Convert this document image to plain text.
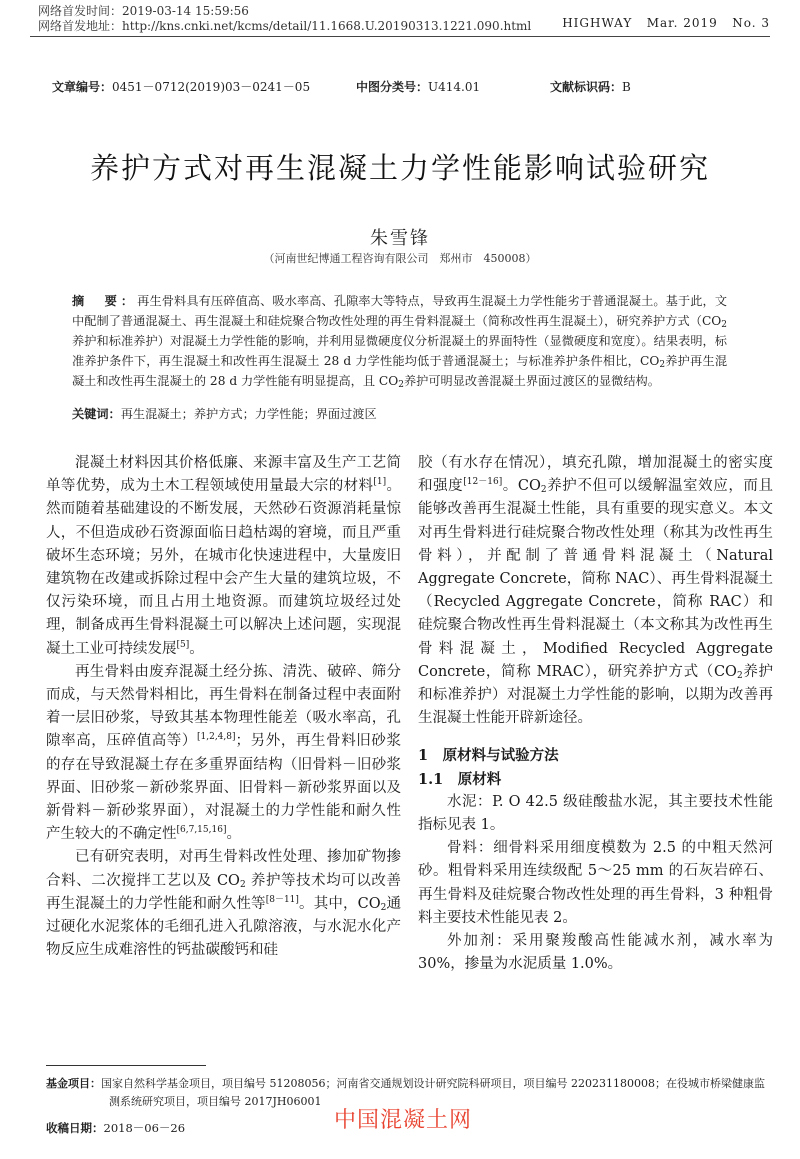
网络首发时间：2019-03-14 15:59:56
网络首发地址：http://kns.cnki.net/kcms/detail/11.1668.U.20190313.1221.090.html	HIGHWAY Mar. 2019 No. 3
文章编号：0451－0712(2019)03－0241－05	中图分类号：U414.01	文献标识码：B
养护方式对再生混凝土力学性能影响试验研究
朱雪锋
（河南世纪博通工程咨询有限公司　郑州市　450008）
摘　要：再生骨料具有压碎值高、吸水率高、孔隙率大等特点，导致再生混凝土力学性能劣于普通混凝土。基于此，文中配制了普通混凝土、再生混凝土和硅烷聚合物改性处理的再生骨料混凝土（简称改性再生混凝土），研究养护方式（$CO_2$养护和标准养护）对混凝土力学性能的影响，并利用显微硬度仪分析混凝土的界面特性（显微硬度和宽度）。结果表明，标准养护条件下，再生混凝土和改性再生混凝土 28 d 力学性能均低于普通混凝土；与标准养护条件相比，$CO_2$养护再生混凝土和改性再生混凝土的 28 d 力学性能有明显提高，且 $CO_2$养护可明显改善混凝土界面过渡区的显微结构。
关键词：再生混凝土；养护方式；力学性能；界面过渡区

混凝土材料因其价格低廉、来源丰富及生产工艺简单等优势，成为土木工程领域使用量最大宗的材料[1]。然而随着基础建设的不断发展，天然砂石资源消耗量惊人，不但造成砂石资源面临日趋枯竭的窘境，而且严重破坏生态环境；另外，在城市化快速进程中，大量废旧建筑物在改建或拆除过程中会产生大量的建筑垃圾，不仅污染环境，而且占用土地资源。而建筑垃圾经过处理，制备成再生骨料混凝土可以解决上述问题，实现混凝土工业可持续发展[5]。

再生骨料由废弃混凝土经分拣、清洗、破碎、筛分而成，与天然骨料相比，再生骨料在制备过程中表面附着一层旧砂浆，导致其基本物理性能差（吸水率高，孔隙率高，压碎值高等）[1,2,4,8]；另外，再生骨料旧砂浆的存在导致混凝土存在多重界面结构（旧骨料－旧砂浆界面、旧砂浆－新砂浆界面、旧骨料－新砂浆界面以及新骨料－新砂浆界面），对混凝土的力学性能和耐久性产生较大的不确定性[6,7,15,16]。

已有研究表明，对再生骨料改性处理、掺加矿物掺合料、二次搅拌工艺以及 $CO_2$ 养护等技术均可以改善再生混凝土的力学性能和耐久性等[8－11]。其中，$CO_2$通过硬化水泥浆体的毛细孔进入孔隙溶液，与水泥水化产物反应生成难溶性的钙盐碳酸钙和硅

胶（有水存在情况），填充孔隙，增加混凝土的密实度和强度[12－16]。$CO_2$养护不但可以缓解温室效应，而且能够改善再生混凝土性能，具有重要的现实意义。本文对再生骨料进行硅烷聚合物改性处理（称其为改性再生骨料），并配制了普通骨料混凝土（Natural Aggregate Concrete，简称 NAC）、再生骨料混凝土（Recycled Aggregate Concrete，简称 RAC）和硅烷聚合物改性再生骨料混凝土（本文称其为改性再生骨料混凝土，Modified Recycled Aggregate Concrete，简称 MRAC），研究养护方式（$CO_2$养护和标准养护）对混凝土力学性能的影响，以期为改善再生混凝土性能开辟新途径。

1　原材料与试验方法

1.1　原材料

水泥：P. O 42.5 级硅酸盐水泥，其主要技术性能指标见表 1。

骨料：细骨料采用细度模数为 2.5 的中粗天然河砂。粗骨料采用连续级配 5～25 mm 的石灰岩碎石、再生骨料及硅烷聚合物改性处理的再生骨料，3 种粗骨料主要技术性能见表 2。

外加剂：采用聚羧酸高性能减水剂，减水率为 30%，掺量为水泥质量 1.0%。

基金项目：国家自然科学基金项目，项目编号 51208056；河南省交通规划设计研究院科研项目，项目编号 220231180008；在役城市桥梁健康监
测系统研究项目，项目编号 2017JH06001
收稿日期：2018－06－26	中国混凝土网
